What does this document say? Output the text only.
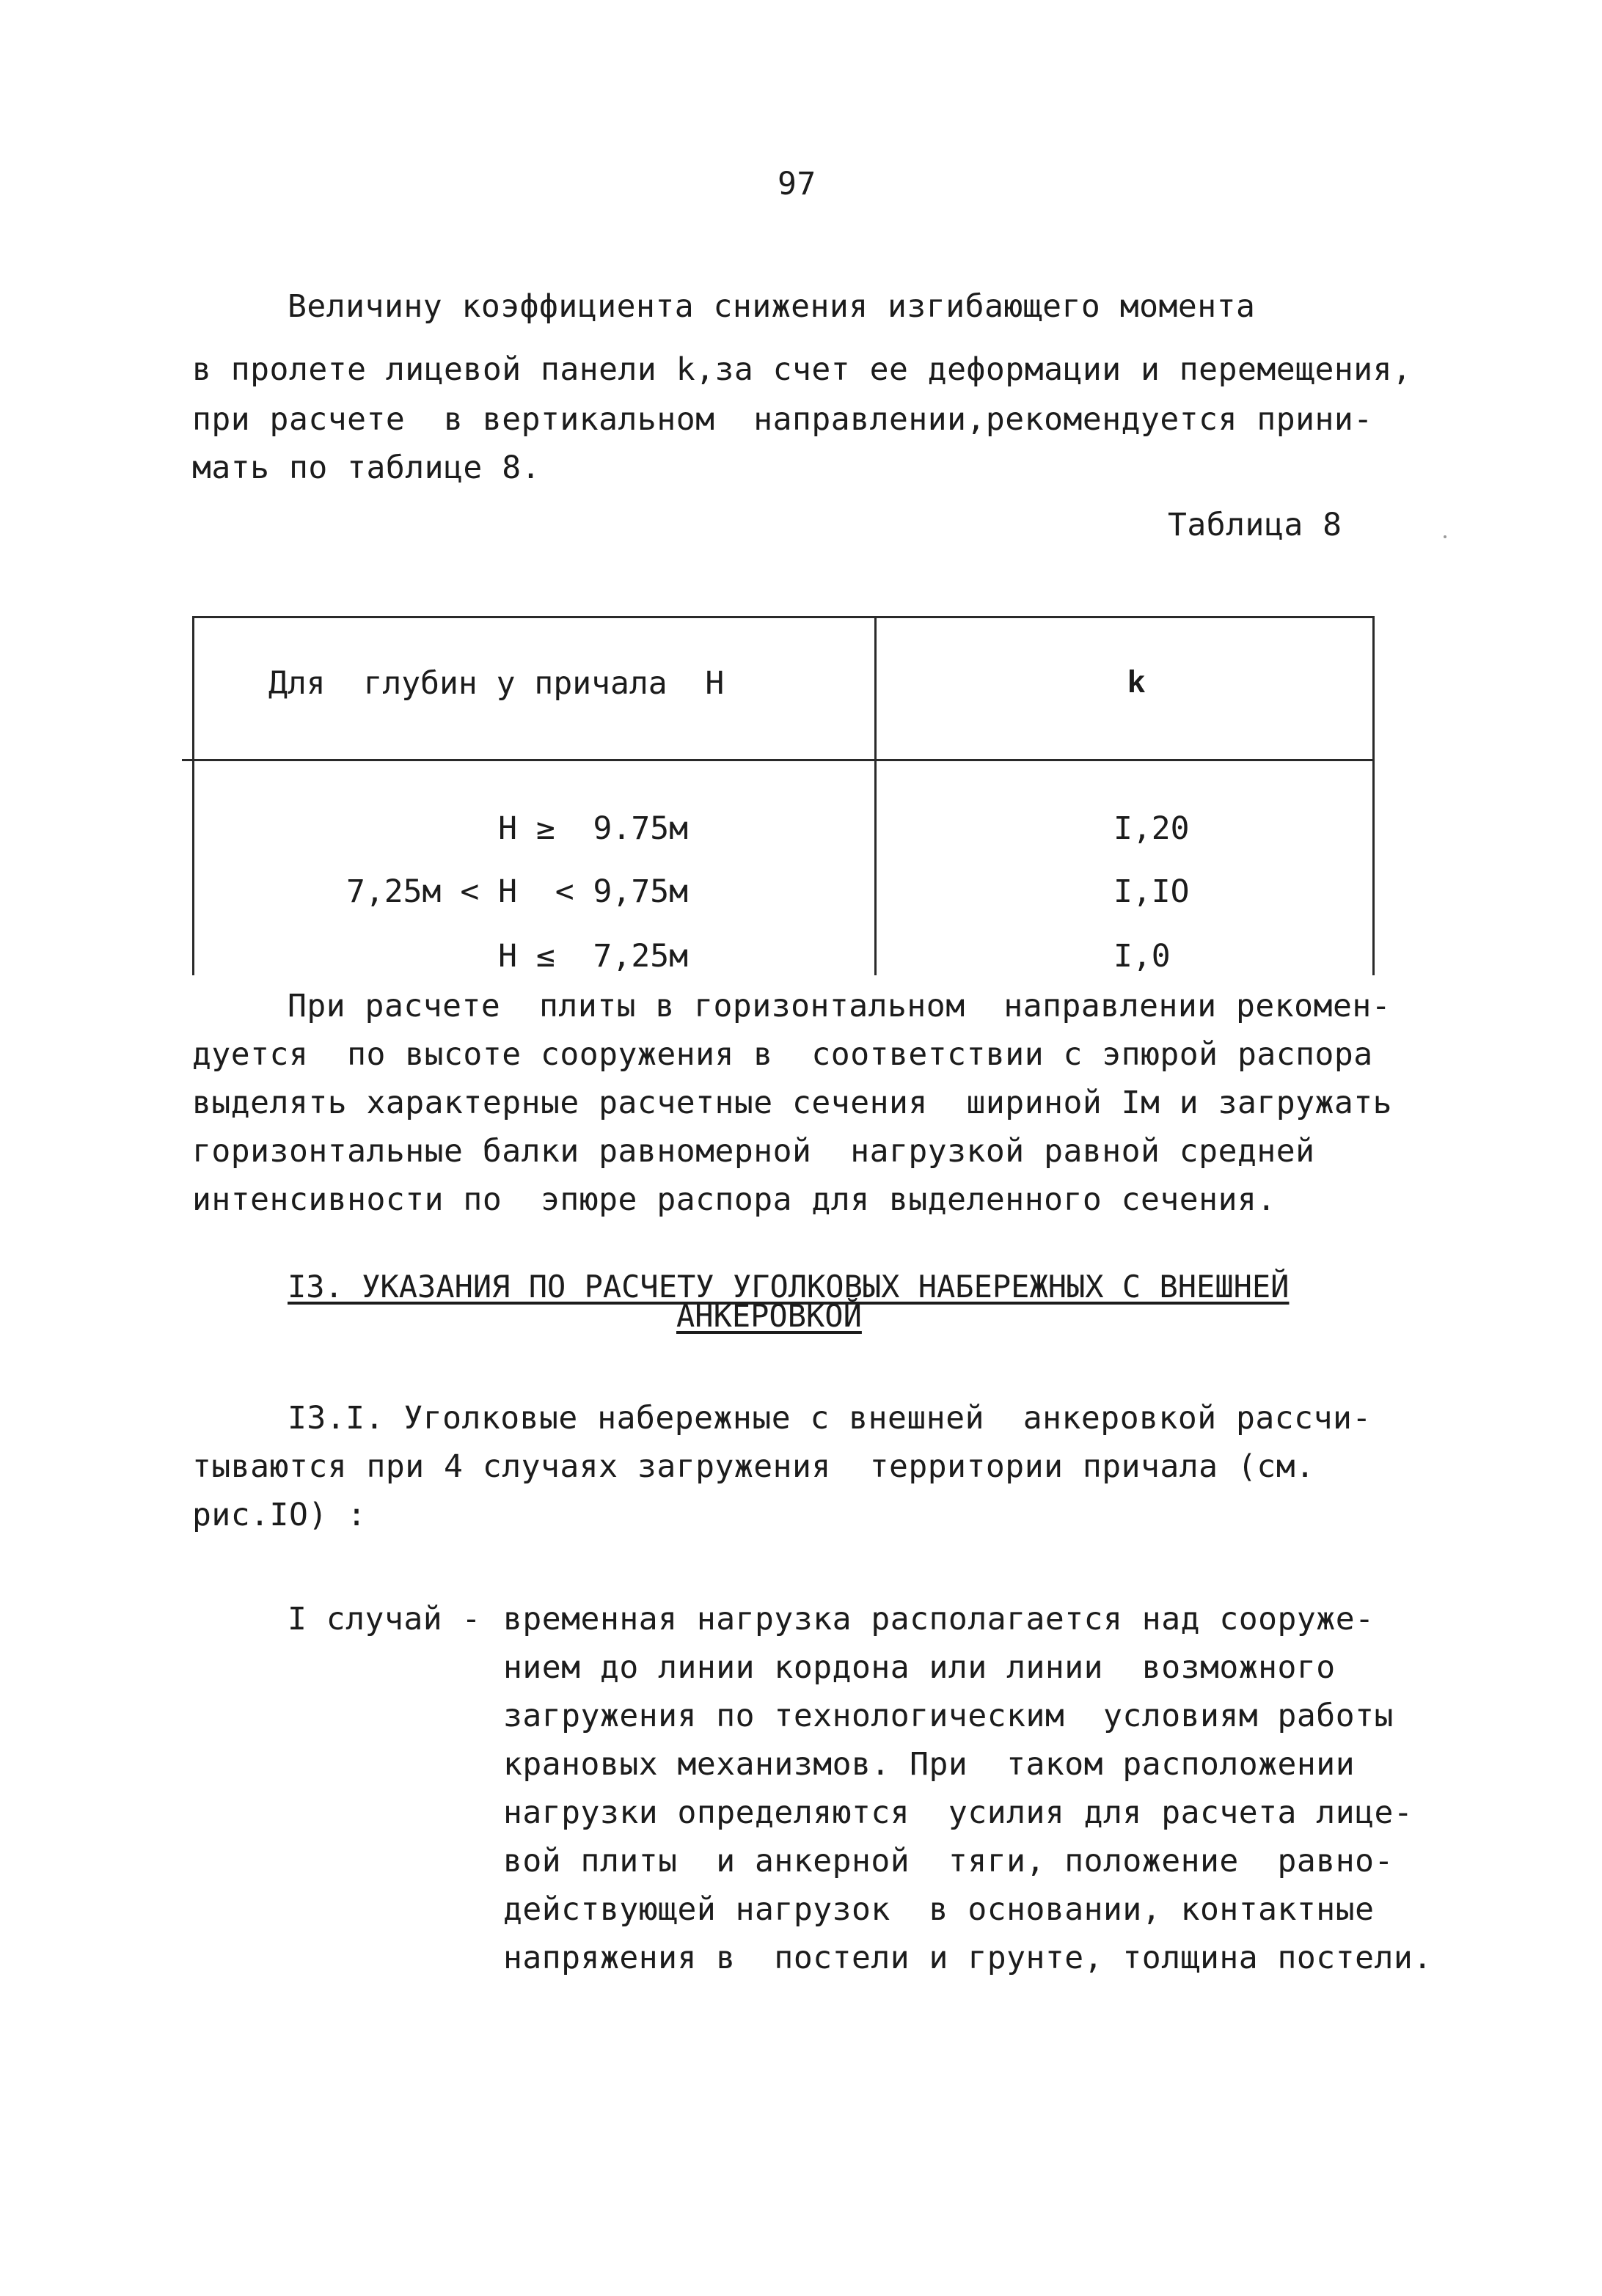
97
Величину коэффициента снижения изгибающего момента
в пролете лицевой панели k,за счет ее деформации и перемещения,
при расчете  в вертикальном  направлении,рекомендуется прини-
мать по таблице 8.
Таблица 8
Для  глубин у причала  Н	k
Н ≥  9.75м	I,20
7,25м < Н  < 9,75м	I,IO
Н ≤  7,25м	I,0
При расчете  плиты в горизонтальном  направлении рекомен-
дуется  по высоте сооружения в  соответствии с эпюрой распора
выделять характерные расчетные сечения  шириной Iм и загружать
горизонтальные балки равномерной  нагрузкой равной средней
интенсивности по  эпюре распора для выделенного сечения.
I3. УКАЗАНИЯ ПО РАСЧЕТУ УГОЛКОВЫХ НАБЕРЕЖНЫХ С ВНЕШНЕЙ
АНКЕРОВКОЙ
I3.I. Уголковые набережные с внешней  анкеровкой рассчи-
тываются при 4 случаях загружения  территории причала (см.
рис.IO) :
I случай - временная нагрузка располагается над сооруже-
нием до линии кордона или линии  возможного
загружения по технологическим  условиям работы
крановых механизмов. При  таком расположении
нагрузки определяются  усилия для расчета лице-
вой плиты  и анкерной  тяги, положение  равно-
действующей нагрузок  в основании, контактные
напряжения в  постели и грунте, толщина постели.
